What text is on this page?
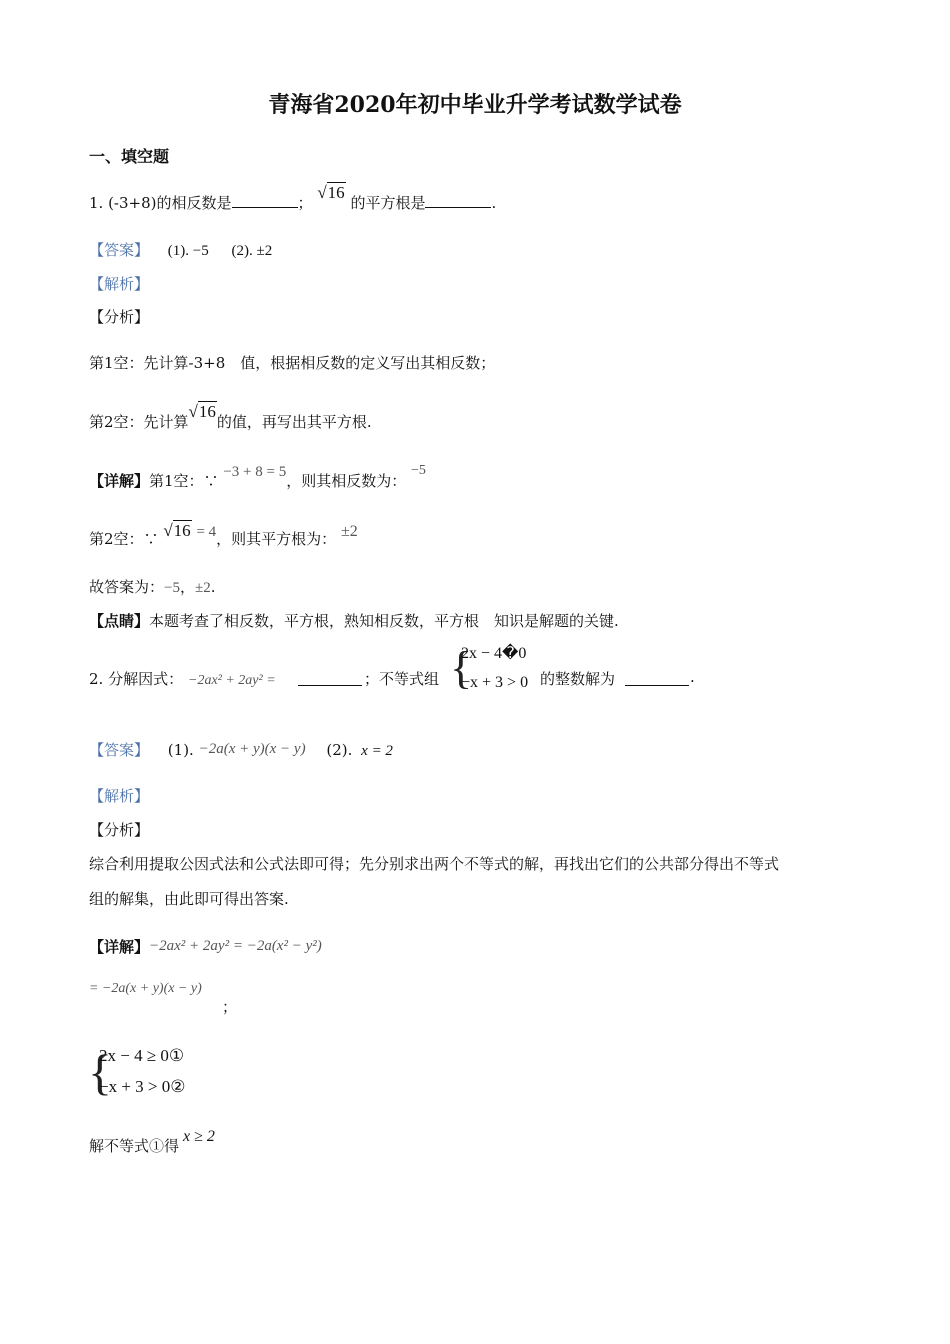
青海省2020年初中毕业升学考试数学试卷
一、填空题
1. (-3+8)的相反数是	； √16 的平方根是	.
【答案】 (1). −5 (2). ±2
【解析】
【分析】
第1空：先计算-3+8　值，根据相反数的定义写出其相反数；
第2空：先计算√16的值，再写出其平方根.
【详解】第1空：∵ −3 + 8 = 5，则其相反数为： −5
第2空：∵ √16 = 4，则其平方根为： ±2
故答案为：−5，±2.
【点睛】本题考查了相反数，平方根，熟知相反数，平方根　知识是解题的关键.
2. 分解因式： −2ax² + 2ay² =	；不等式组 {
2x − 4�0
−x + 3 > 0 的整数解为	.
【答案】 (1). −2a(x + y)(x − y) (2). x = 2
【解析】
【分析】
综合利用提取公因式法和公式法即可得；先分别求出两个不等式的解，再找出它们的公共部分得出不等式
组的解集，由此即可得出答案.
【详解】−2ax² + 2ay² = −2a(x² − y²)
= −2a(x + y)(x − y)
；
{
2x − 4 ≥ 0①
−x + 3 > 0②
解不等式①得x ≥ 2
